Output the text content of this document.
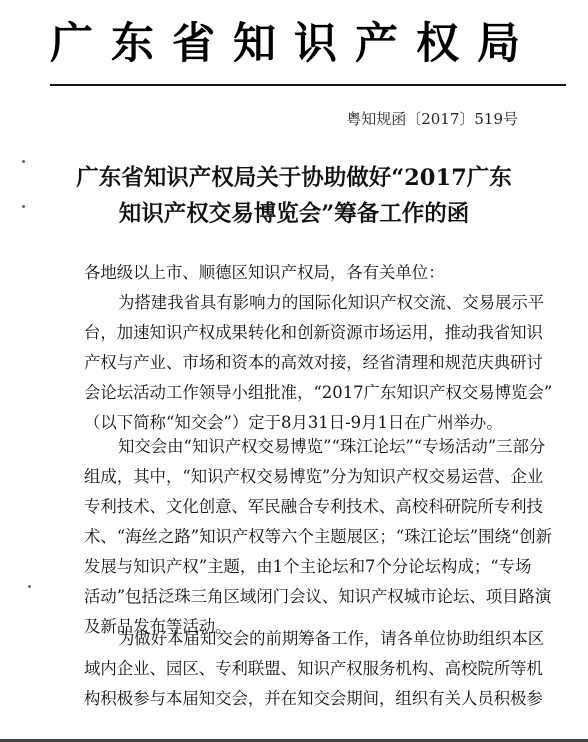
广东省知识产权局
粤知规函〔2017〕519号
广东省知识产权局关于协助做好“2017广东
知识产权交易博览会”筹备工作的函
各地级以上市、顺德区知识产权局，各有关单位：
为搭建我省具有影响力的国际化知识产权交流、交易展示平
台，加速知识产权成果转化和创新资源市场运用，推动我省知识
产权与产业、市场和资本的高效对接，经省清理和规范庆典研讨
会论坛活动工作领导小组批准，“2017广东知识产权交易博览会”
（以下简称“知交会”）定于8月31日-9月1日在广州举办。
知交会由“知识产权交易博览”“珠江论坛”“专场活动”三部分
组成，其中，“知识产权交易博览”分为知识产权交易运营、企业
专利技术、文化创意、军民融合专利技术、高校科研院所专利技
术、“海丝之路”知识产权等六个主题展区；“珠江论坛”围绕“创新
发展与知识产权”主题，由1个主论坛和7个分论坛构成；“专场
活动”包括泛珠三角区域闭门会议、知识产权城市论坛、项目路演
及新品发布等活动。
为做好本届知交会的前期筹备工作，请各单位协助组织本区
域内企业、园区、专利联盟、知识产权服务机构、高校院所等机
构积极参与本届知交会，并在知交会期间，组织有关人员积极参
